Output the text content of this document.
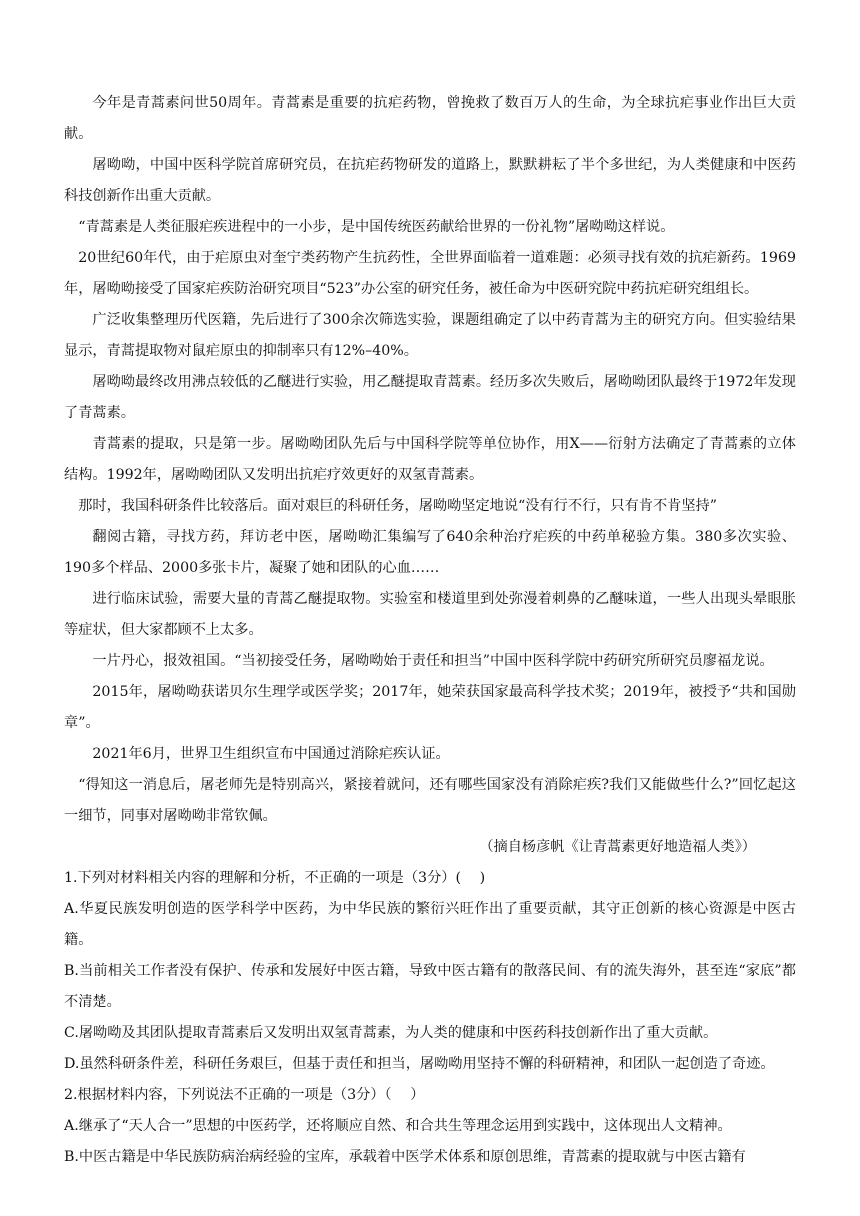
今年是青蒿素问世50周年。青蒿素是重要的抗疟药物，曾挽救了数百万人的生命，为全球抗疟事业作出巨大贡献。

屠呦呦，中国中医科学院首席研究员，在抗疟药物研发的道路上，默默耕耘了半个多世纪，为人类健康和中医药科技创新作出重大贡献。

“青蒿素是人类征服疟疾进程中的一小步，是中国传统医药献给世界的一份礼物”屠呦呦这样说。

20世纪60年代，由于疟原虫对奎宁类药物产生抗药性，全世界面临着一道难题：必须寻找有效的抗疟新药。1969年，屠呦呦接受了国家疟疾防治研究项目“523”办公室的研究任务，被任命为中医研究院中药抗疟研究组组长。

广泛收集整理历代医籍，先后进行了300余次筛选实验，课题组确定了以中药青蒿为主的研究方向。但实验结果显示，青蒿提取物对鼠疟原虫的抑制率只有12%–40%。

屠呦呦最终改用沸点较低的乙醚进行实验，用乙醚提取青蒿素。经历多次失败后，屠呦呦团队最终于1972年发现了青蒿素。

青蒿素的提取，只是第一步。屠呦呦团队先后与中国科学院等单位协作，用X——衍射方法确定了青蒿素的立体结构。1992年，屠呦呦团队又发明出抗疟疗效更好的双氢青蒿素。

那时，我国科研条件比较落后。面对艰巨的科研任务，屠呦呦坚定地说“没有行不行，只有肯不肯坚持”

翻阅古籍，寻找方药，拜访老中医，屠呦呦汇集编写了640余种治疗疟疾的中药单秘验方集。380多次实验、190多个样品、2000多张卡片，凝聚了她和团队的心血……

进行临床试验，需要大量的青蒿乙醚提取物。实验室和楼道里到处弥漫着刺鼻的乙醚味道，一些人出现头晕眼胀等症状，但大家都顾不上太多。

一片丹心，报效祖国。“当初接受任务，屠呦呦始于责任和担当”中国中医科学院中药研究所研究员廖福龙说。

2015年，屠呦呦获诺贝尔生理学或医学奖；2017年，她荣获国家最高科学技术奖；2019年，被授予“共和国勋章”。

2021年6月，世界卫生组织宣布中国通过消除疟疾认证。

“得知这一消息后，屠老师先是特别高兴，紧接着就问，还有哪些国家没有消除疟疾?我们又能做些什么?”回忆起这一细节，同事对屠呦呦非常钦佩。

（摘自杨彦帆《让青蒿素更好地造福人类》）

1.下列对材料相关内容的理解和分析，不正确的一项是（3分）(　 )

A.华夏民族发明创造的医学科学中医药，为中华民族的繁衍兴旺作出了重要贡献，其守正创新的核心资源是中医古籍。

B.当前相关工作者没有保护、传承和发展好中医古籍，导致中医古籍有的散落民间、有的流失海外，甚至连“家底”都不清楚。

C.屠呦呦及其团队提取青蒿素后又发明出双氢青蒿素，为人类的健康和中医药科技创新作出了重大贡献。

D.虽然科研条件差，科研任务艰巨，但基于责任和担当，屠呦呦用坚持不懈的科研精神，和团队一起创造了奇迹。

2.根据材料内容，下列说法不正确的一项是（3分）（　 ）

A.继承了“天人合一”思想的中医药学，还将顺应自然、和合共生等理念运用到实践中，这体现出人文精神。

B.中医古籍是中华民族防病治病经验的宝库，承载着中医学术体系和原创思维，青蒿素的提取就与中医古籍有
